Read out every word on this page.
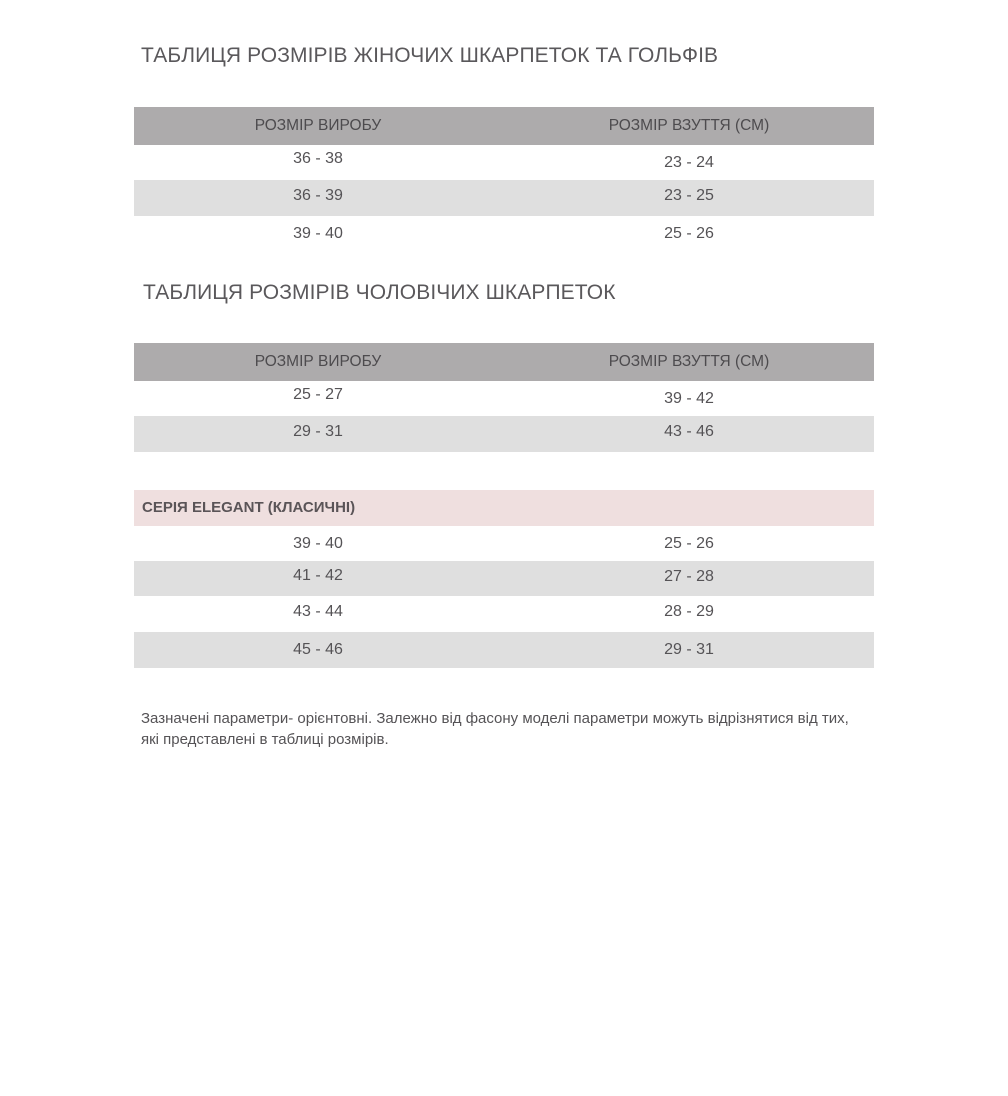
ТАБЛИЦЯ РОЗМІРІВ ЖІНОЧИХ ШКАРПЕТОК ТА ГОЛЬФІВ
РОЗМІР ВИРОБУ	РОЗМІР ВЗУТТЯ (СМ)
36 - 38	23 - 24
36 - 39	23 - 25
39 - 40	25 - 26
ТАБЛИЦЯ РОЗМІРІВ ЧОЛОВІЧИХ ШКАРПЕТОК
РОЗМІР ВИРОБУ	РОЗМІР ВЗУТТЯ (СМ)
25 - 27	39 - 42
29 - 31	43 - 46
СЕРІЯ ELEGANT (КЛАСИЧНІ)
39 - 40	25 - 26
41 - 42	27 - 28
43 - 44	28 - 29
45 - 46	29 - 31
Зазначені параметри- орієнтовні. Залежно від фасону моделі параметри можуть відрізнятися від тих, які представлені в таблиці розмірів.
